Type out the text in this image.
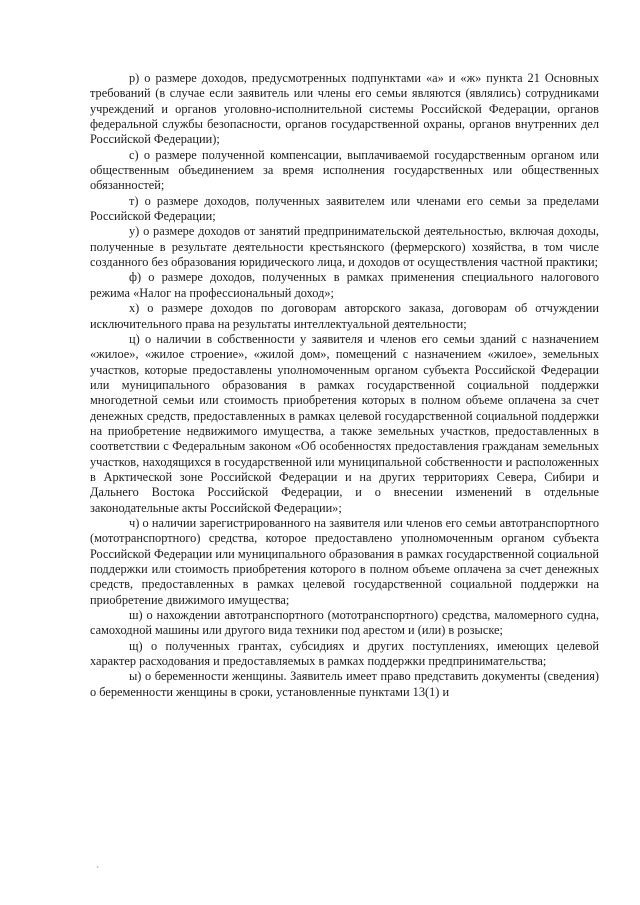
р) о размере доходов, предусмотренных подпунктами «а» и «ж» пункта 21 Основных требований (в случае если заявитель или члены его семьи являются (являлись) сотрудниками учреждений и органов уголовно-исполнительной системы Российской Федерации, органов федеральной службы безопасности, органов государственной охраны, органов внутренних дел Российской Федерации);

с) о размере полученной компенсации, выплачиваемой государственным органом или общественным объединением за время исполнения государственных или общественных обязанностей;

т) о размере доходов, полученных заявителем или членами его семьи за пределами Российской Федерации;

у) о размере доходов от занятий предпринимательской деятельностью, включая доходы, полученные в результате деятельности крестьянского (фермерского) хозяйства, в том числе созданного без образования юридического лица, и доходов от осуществления частной практики;

ф) о размере доходов, полученных в рамках применения специального налогового режима «Налог на профессиональный доход»;

х) о размере доходов по договорам авторского заказа, договорам об отчуждении исключительного права на результаты интеллектуальной деятельности;

ц) о наличии в собственности у заявителя и членов его семьи зданий с назначением «жилое», «жилое строение», «жилой дом», помещений с назначением «жилое», земельных участков, которые предоставлены уполномоченным органом субъекта Российской Федерации или муниципального образования в рамках государственной социальной поддержки многодетной семьи или стоимость приобретения которых в полном объеме оплачена за счет денежных средств, предоставленных в рамках целевой государственной социальной поддержки на приобретение недвижимого имущества, а также земельных участков, предоставленных в соответствии с Федеральным законом «Об особенностях предоставления гражданам земельных участков, находящихся в государственной или муниципальной собственности и расположенных в Арктической зоне Российской Федерации и на других территориях Севера, Сибири и Дальнего Востока Российской Федерации, и о внесении изменений в отдельные законодательные акты Российской Федерации»;

ч) о наличии зарегистрированного на заявителя или членов его семьи автотранспортного (мототранспортного) средства, которое предоставлено уполномоченным органом субъекта Российской Федерации или муниципального образования в рамках государственной социальной поддержки или стоимость приобретения которого в полном объеме оплачена за счет денежных средств, предоставленных в рамках целевой государственной социальной поддержки на приобретение движимого имущества;

ш) о нахождении автотранспортного (мототранспортного) средства, маломерного судна, самоходной машины или другого вида техники под арестом и (или) в розыске;

щ) о полученных грантах, субсидиях и других поступлениях, имеющих целевой характер расходования и предоставляемых в рамках поддержки предпринимательства;

ы) о беременности женщины. Заявитель имеет право представить документы (сведения) о беременности женщины в сроки, установленные пунктами 13(1) и

`
